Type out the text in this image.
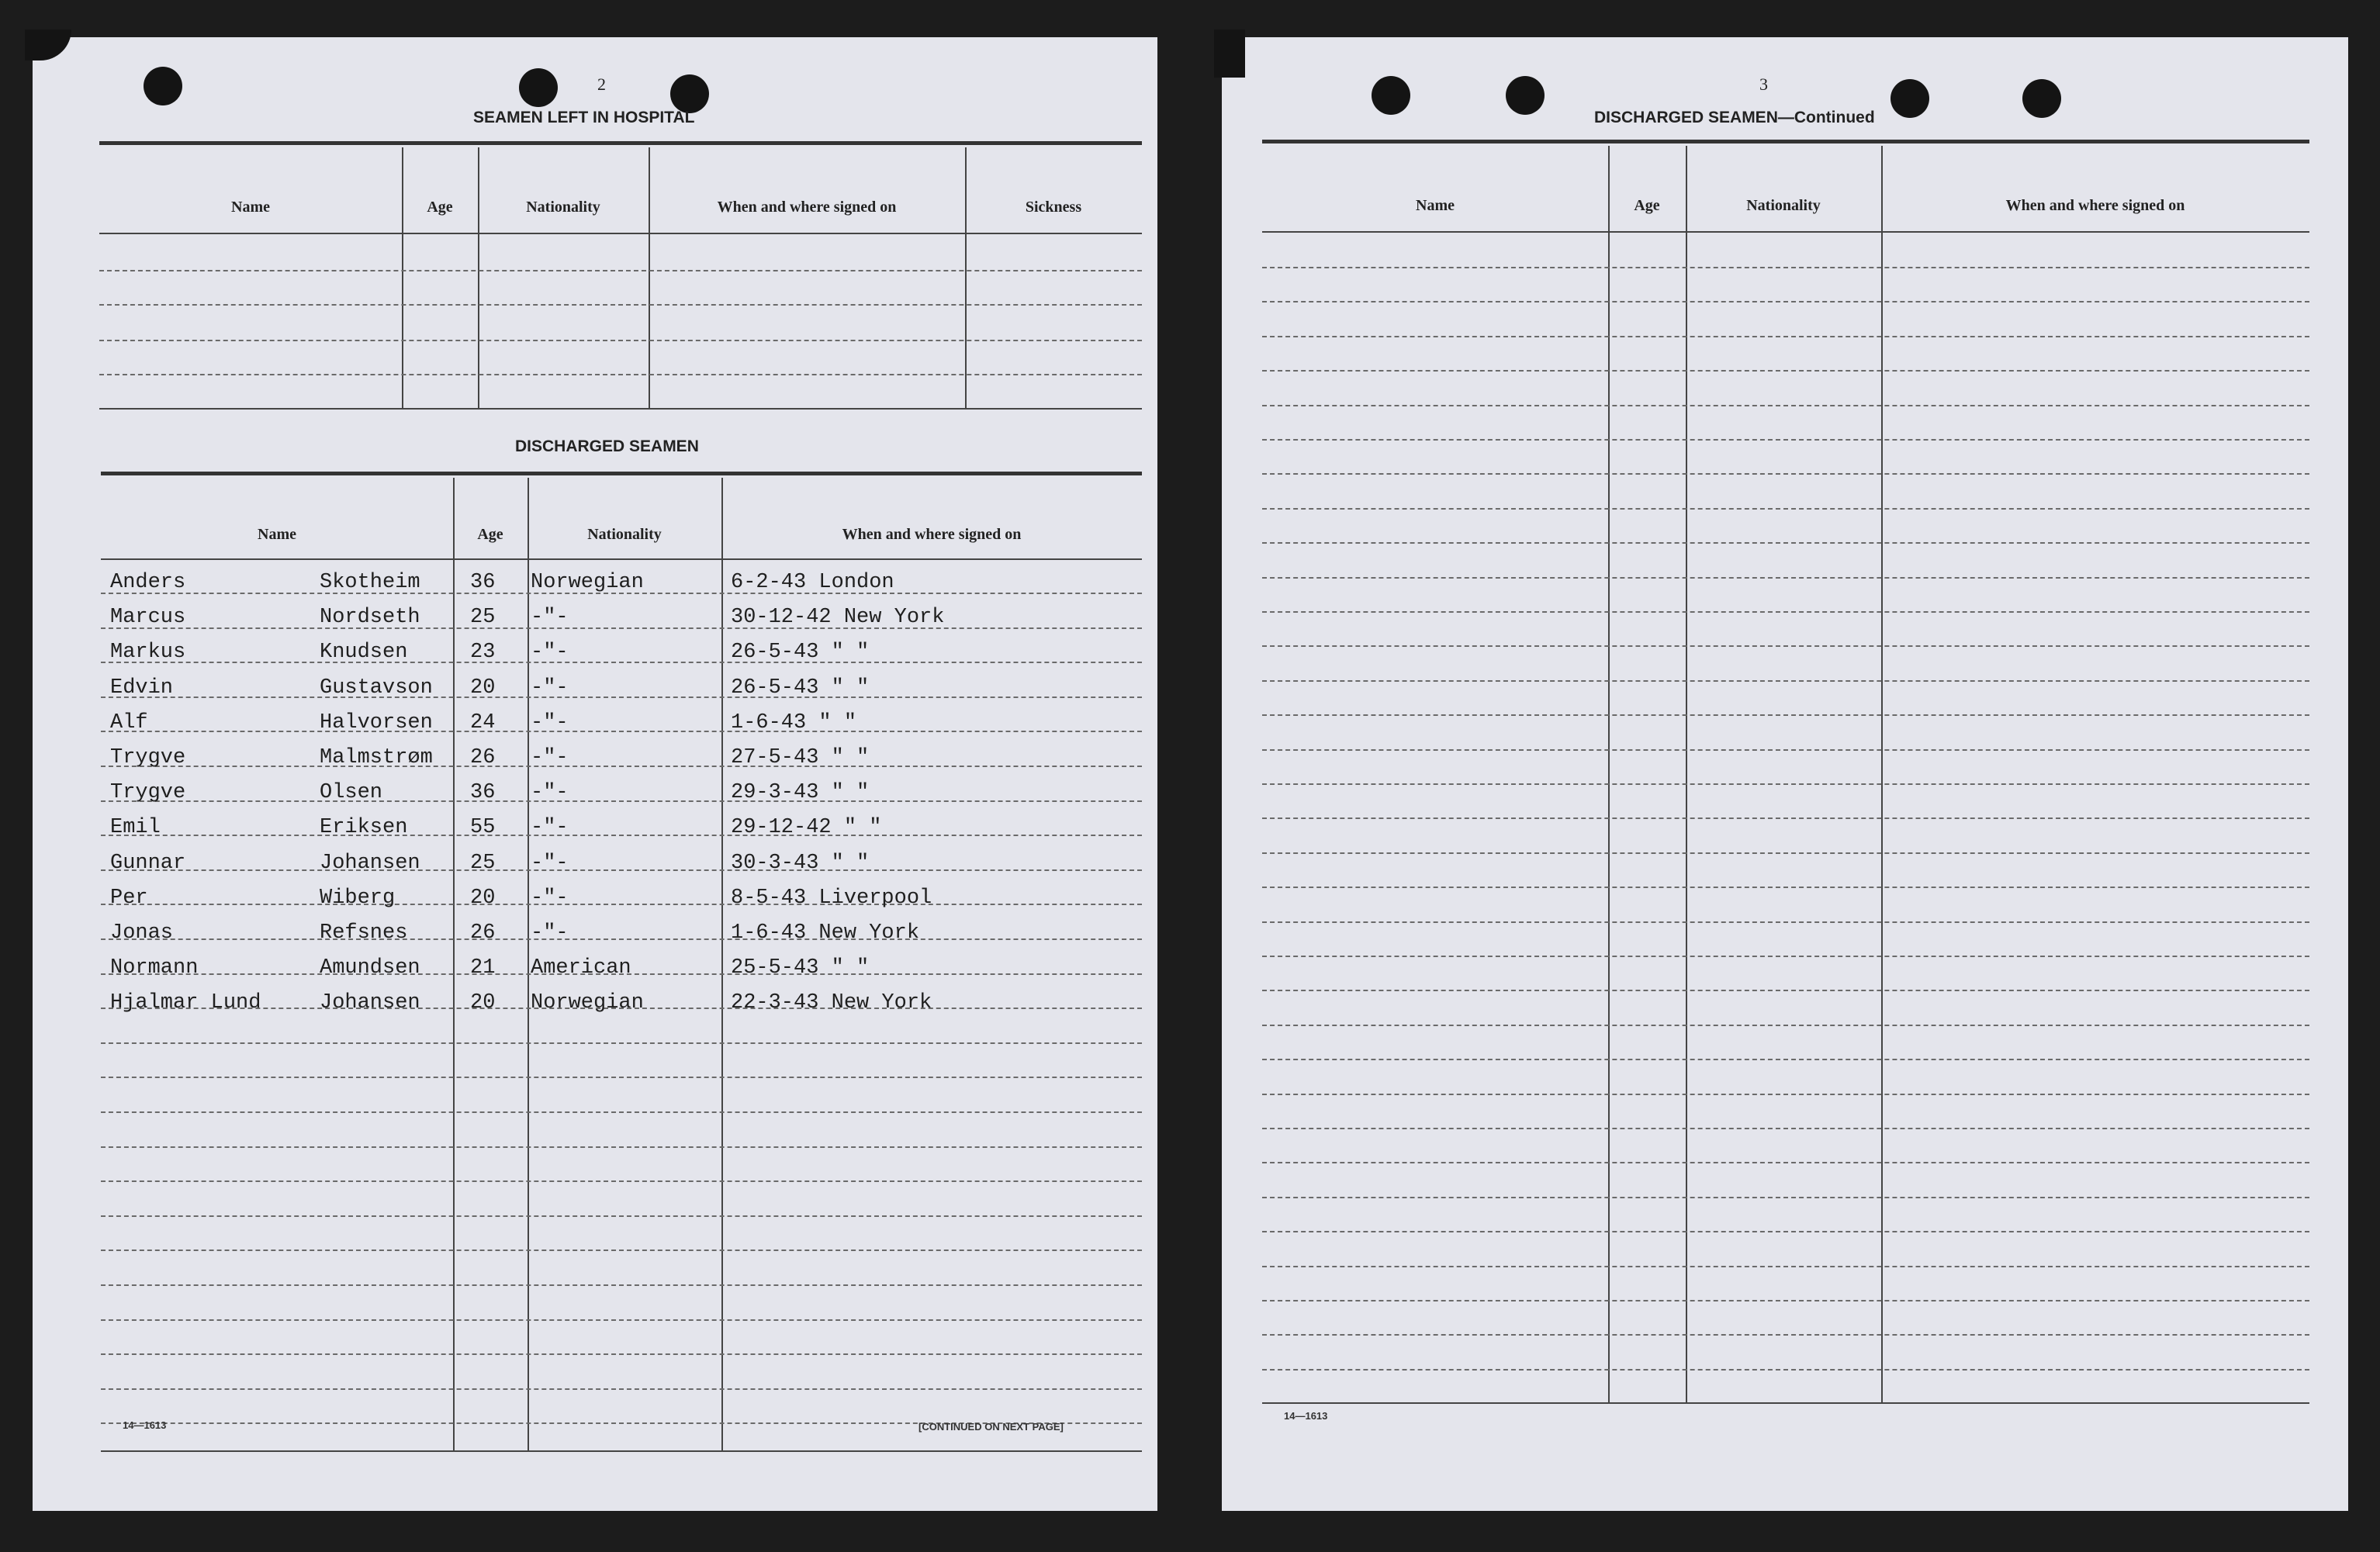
2
SEAMEN LEFT IN HOSPITAL
Name	Age	Nationality	When and where signed on	Sickness
DISCHARGED SEAMEN
Name	Age	Nationality	When and where signed on
Anders	Skotheim 36 Norwegian	6-2-43 London
Marcus	Nordseth 25 -"-	30-12-42 New York
Markus	Knudsen	23 -"-	26-5-43 " "
Edvin	Gustavson 20 -"-	26-5-43 " "
Alf	Halvorsen 24 -"-	1-6-43 " "
Trygve	Malmstrøm 26 -"-	27-5-43 " "
Trygve	Olsen	36 -"-	29-3-43 " "
Emil	Eriksen	55 -"-	29-12-42 " "
Gunnar	Johansen 25 -"-	30-3-43 " "
Per	Wiberg	20 -"-	8-5-43 Liverpool
Jonas	Refsnes	26 -"-	1-6-43 New York
Normann	Amundsen 21 American	25-5-43 " "
Hjalmar Lund	Johansen 20 Norwegian	22-3-43 New York
14—1613	[CONTINUED ON NEXT PAGE]
3
DISCHARGED SEAMEN—Continued
Name	Age	Nationality	When and where signed on
14—1613
